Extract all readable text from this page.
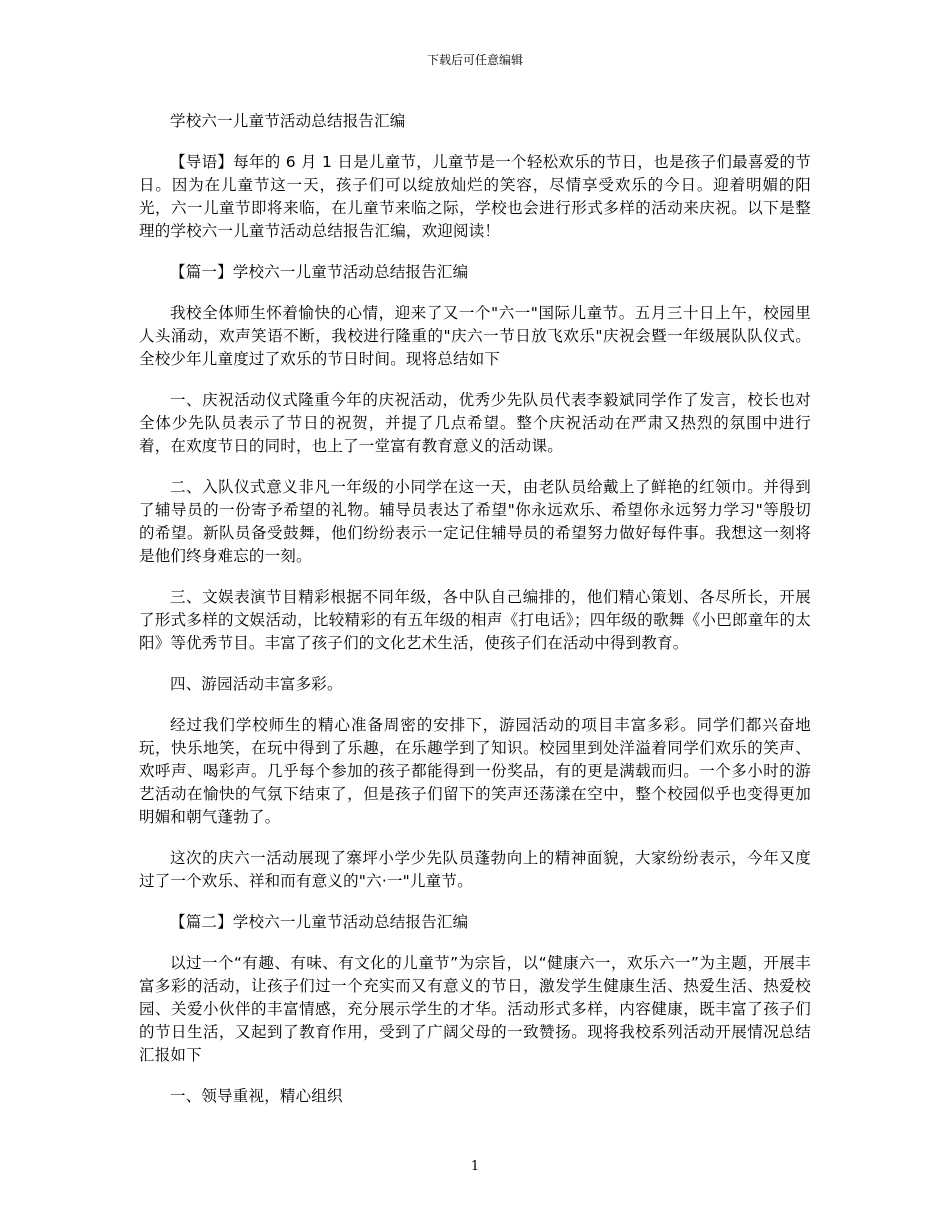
下载后可任意编辑

学校六一儿童节活动总结报告汇编

【导语】每年的 6 月 1 日是儿童节，儿童节是一个轻松欢乐的节日，也是孩子们最喜爱的节日。因为在儿童节这一天，孩子们可以绽放灿烂的笑容，尽情享受欢乐的今日。迎着明媚的阳光，六一儿童节即将来临，在儿童节来临之际，学校也会进行形式多样的活动来庆祝。以下是整理的学校六一儿童节活动总结报告汇编，欢迎阅读！

【篇一】学校六一儿童节活动总结报告汇编

我校全体师生怀着愉快的心情，迎来了又一个"六一"国际儿童节。五月三十日上午，校园里人头涌动，欢声笑语不断，我校进行隆重的"庆六一节日放飞欢乐"庆祝会暨一年级展队队仪式。全校少年儿童度过了欢乐的节日时间。现将总结如下

一、庆祝活动仪式隆重今年的庆祝活动，优秀少先队员代表李毅斌同学作了发言，校长也对全体少先队员表示了节日的祝贺，并提了几点希望。整个庆祝活动在严肃又热烈的氛围中进行着，在欢度节日的同时，也上了一堂富有教育意义的活动课。

二、入队仪式意义非凡一年级的小同学在这一天，由老队员给戴上了鲜艳的红领巾。并得到了辅导员的一份寄予希望的礼物。辅导员表达了希望"你永远欢乐、希望你永远努力学习"等殷切的希望。新队员备受鼓舞，他们纷纷表示一定记住辅导员的希望努力做好每件事。我想这一刻将是他们终身难忘的一刻。

三、文娱表演节目精彩根据不同年级，各中队自己编排的，他们精心策划、各尽所长，开展了形式多样的文娱活动，比较精彩的有五年级的相声《打电话》；四年级的歌舞《小巴郎童年的太阳》等优秀节目。丰富了孩子们的文化艺术生活，使孩子们在活动中得到教育。

四、游园活动丰富多彩。

经过我们学校师生的精心准备周密的安排下，游园活动的项目丰富多彩。同学们都兴奋地玩，快乐地笑，在玩中得到了乐趣，在乐趣学到了知识。校园里到处洋溢着同学们欢乐的笑声、欢呼声、喝彩声。几乎每个参加的孩子都能得到一份奖品，有的更是满载而归。一个多小时的游艺活动在愉快的气氛下结束了，但是孩子们留下的笑声还荡漾在空中，整个校园似乎也变得更加明媚和朝气蓬勃了。

这次的庆六一活动展现了寨坪小学少先队员蓬勃向上的精神面貌，大家纷纷表示，今年又度过了一个欢乐、祥和而有意义的"六·一"儿童节。

【篇二】学校六一儿童节活动总结报告汇编

以过一个“有趣、有味、有文化的儿童节”为宗旨，以“健康六一，欢乐六一”为主题，开展丰富多彩的活动，让孩子们过一个充实而又有意义的节日，激发学生健康生活、热爱生活、热爱校园、关爱小伙伴的丰富情感，充分展示学生的才华。活动形式多样，内容健康，既丰富了孩子们的节日生活，又起到了教育作用，受到了广阔父母的一致赞扬。现将我校系列活动开展情况总结汇报如下

一、领导重视，精心组织

1
